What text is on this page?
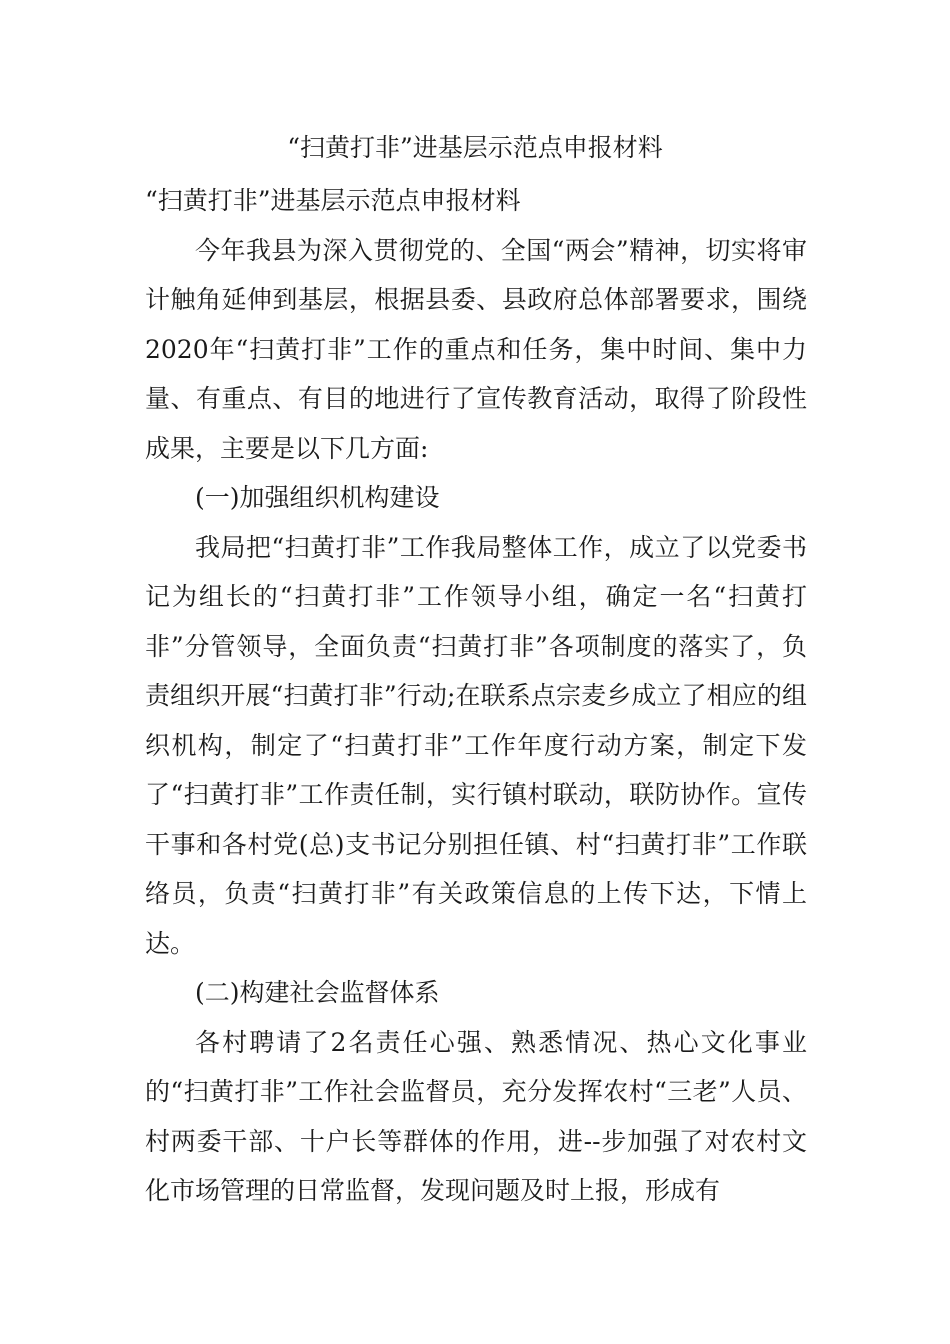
“扫黄打非”进基层示范点申报材料

“扫黄打非”进基层示范点申报材料

今年我县为深入贯彻党的、全国“两会”精神，切实将审计触角延伸到基层，根据县委、县政府总体部署要求，围绕2020年“扫黄打非”工作的重点和任务，集中时间、集中力量、有重点、有目的地进行了宣传教育活动，取得了阶段性成果，主要是以下几方面:

(一)加强组织机构建设

我局把“扫黄打非”工作我局整体工作，成立了以党委书记为组长的“扫黄打非”工作领导小组，确定一名“扫黄打非”分管领导，全面负责“扫黄打非”各项制度的落实了，负责组织开展“扫黄打非”行动;在联系点宗麦乡成立了相应的组织机构，制定了“扫黄打非”工作年度行动方案，制定下发了“扫黄打非”工作责任制，实行镇村联动，联防协作。宣传干事和各村党(总)支书记分别担任镇、村“扫黄打非”工作联络员，负责“扫黄打非”有关政策信息的上传下达，下情上达。

(二)构建社会监督体系

各村聘请了2名责任心强、熟悉情况、热心文化事业的“扫黄打非”工作社会监督员，充分发挥农村“三老”人员、村两委干部、十户长等群体的作用，进--步加强了对农村文化市场管理的日常监督，发现问题及时上报，形成有
